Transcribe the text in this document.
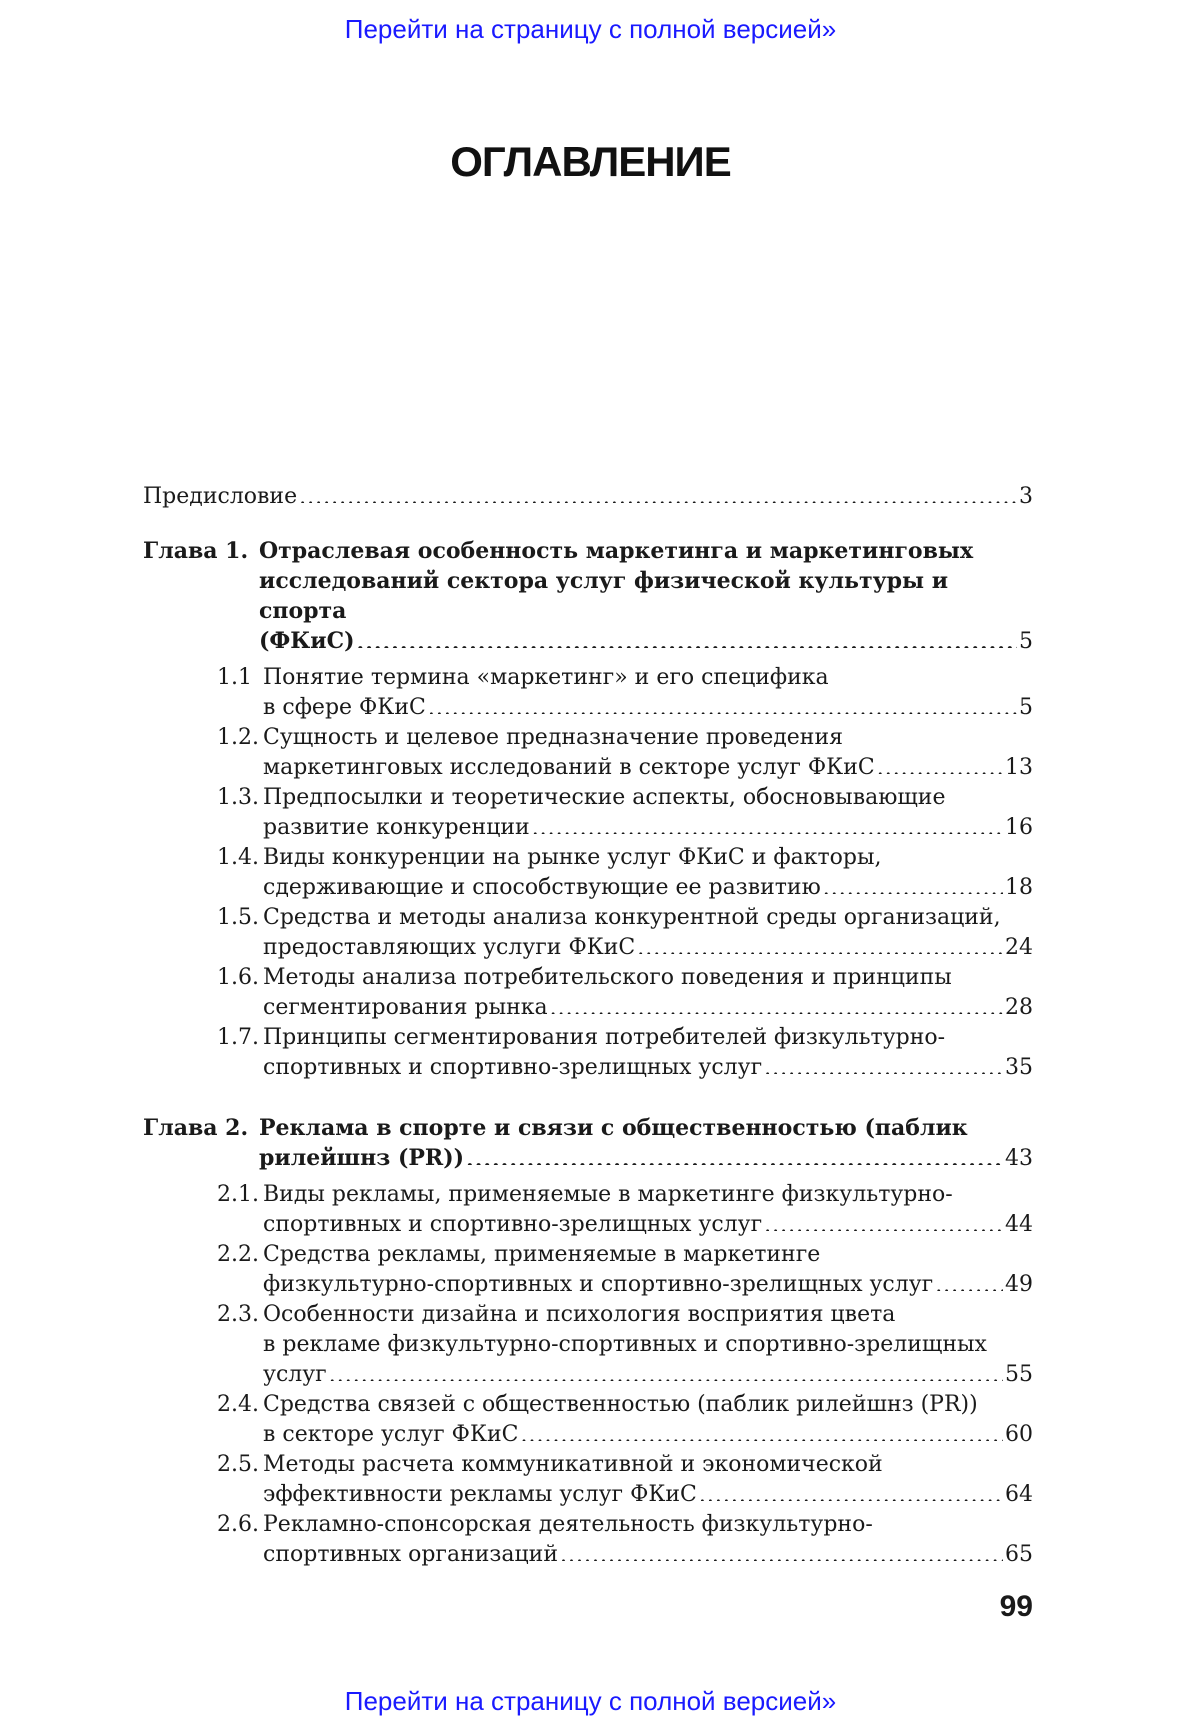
Перейти на страницу с полной версией»
ОГЛАВЛЕНИЕ
Предисловие .....	3
Глава 1. Отраслевая особенность маркетинга и маркетинговых
исследований сектора услуг физической культуры и спорта
(ФКиС) .....	5
1.1 Понятие термина «маркетинг» и его специфика
в сфере ФКиС .....	5
1.2. Сущность и целевое предназначение проведения
маркетинговых исследований в секторе услуг ФКиС .....	13
1.3. Предпосылки и теоретические аспекты, обосновывающие
развитие конкуренции .....	16
1.4. Виды конкуренции на рынке услуг ФКиС и факторы,
сдерживающие и способствующие ее развитию .....	18
1.5. Средства и методы анализа конкурентной среды организаций,
предоставляющих услуги ФКиС .....	24
1.6. Методы анализа потребительского поведения и принципы
сегментирования рынка .....	28
1.7. Принципы сегментирования потребителей физкультурно-
спортивных и спортивно-зрелищных услуг .....	35
Глава 2. Реклама в спорте и связи с общественностью (паблик
рилейшнз (PR)) .....	43
2.1. Виды рекламы, применяемые в маркетинге физкультурно-
спортивных и спортивно-зрелищных услуг .....	44
2.2. Средства рекламы, применяемые в маркетинге
физкультурно-спортивных и спортивно-зрелищных услуг .....	49
2.3. Особенности дизайна и психология восприятия цвета
в рекламе физкультурно-спортивных и спортивно-зрелищных
услуг .....	55
2.4. Средства связей с общественностью (паблик рилейшнз (PR))
в секторе услуг ФКиС .....	60
2.5. Методы расчета коммуникативной и экономической
эффективности рекламы услуг ФКиС .....	64
2.6. Рекламно-спонсорская деятельность физкультурно-
спортивных организаций .....	65
99
Перейти на страницу с полной версией»
